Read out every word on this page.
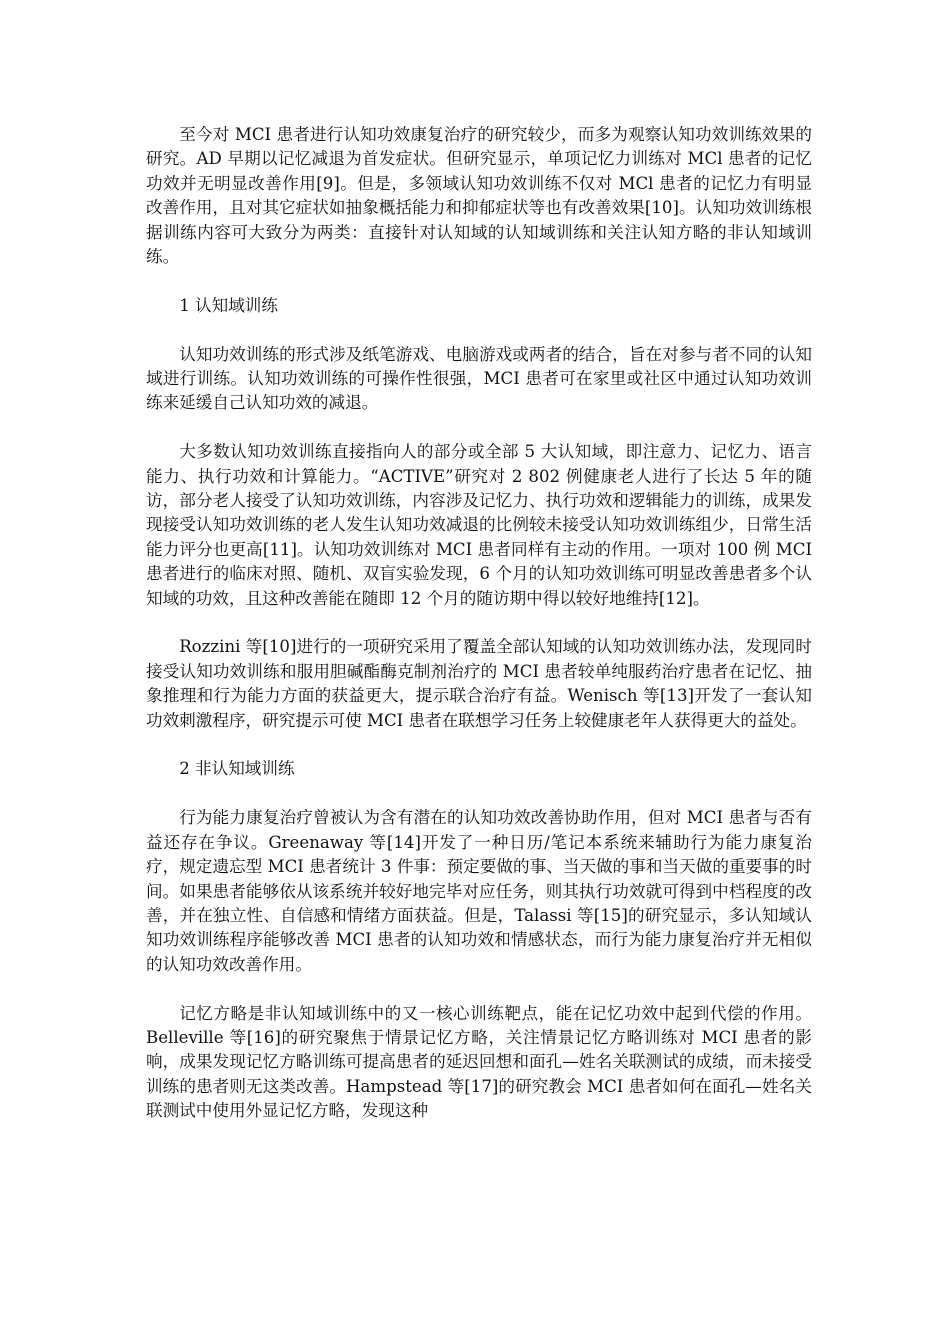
至今对 MCI 患者进行认知功效康复治疗的研究较少，而多为观察认知功效训练效果的研究。AD 早期以记忆减退为首发症状。但研究显示，单项记忆力训练对 MCl 患者的记忆功效并无明显改善作用[9]。但是，多领域认知功效训练不仅对 MCl 患者的记忆力有明显改善作用，且对其它症状如抽象概括能力和抑郁症状等也有改善效果[10]。认知功效训练根据训练内容可大致分为两类：直接针对认知域的认知域训练和关注认知方略的非认知域训练。

1 认知域训练

认知功效训练的形式涉及纸笔游戏、电脑游戏或两者的结合，旨在对参与者不同的认知域进行训练。认知功效训练的可操作性很强，MCI 患者可在家里或社区中通过认知功效训练来延缓自己认知功效的减退。

大多数认知功效训练直接指向人的部分或全部 5 大认知域，即注意力、记忆力、语言能力、执行功效和计算能力。“ACTIVE”研究对 2 802 例健康老人进行了长达 5 年的随访，部分老人接受了认知功效训练，内容涉及记忆力、执行功效和逻辑能力的训练，成果发现接受认知功效训练的老人发生认知功效减退的比例较未接受认知功效训练组少，日常生活能力评分也更高[11]。认知功效训练对 MCI 患者同样有主动的作用。一项对 100 例 MCI 患者进行的临床对照、随机、双盲实验发现，6 个月的认知功效训练可明显改善患者多个认知域的功效，且这种改善能在随即 12 个月的随访期中得以较好地维持[12]。

Rozzini 等[10]进行的一项研究采用了覆盖全部认知域的认知功效训练办法，发现同时接受认知功效训练和服用胆碱酯酶克制剂治疗的 MCI 患者较单纯服药治疗患者在记忆、抽象推理和行为能力方面的获益更大，提示联合治疗有益。Wenisch 等[13]开发了一套认知功效刺激程序，研究提示可使 MCI 患者在联想学习任务上较健康老年人获得更大的益处。

2 非认知域训练

行为能力康复治疗曾被认为含有潜在的认知功效改善协助作用，但对 MCI 患者与否有益还存在争议。Greenaway 等[14]开发了一种日历/笔记本系统来辅助行为能力康复治疗，规定遗忘型 MCI 患者统计 3 件事：预定要做的事、当天做的事和当天做的重要事的时间。如果患者能够依从该系统并较好地完毕对应任务，则其执行功效就可得到中档程度的改善，并在独立性、自信感和情绪方面获益。但是，Talassi 等[15]的研究显示，多认知域认知功效训练程序能够改善 MCI 患者的认知功效和情感状态，而行为能力康复治疗并无相似的认知功效改善作用。

记忆方略是非认知域训练中的又一核心训练靶点，能在记忆功效中起到代偿的作用。Belleville 等[16]的研究聚焦于情景记忆方略，关注情景记忆方略训练对 MCI 患者的影响，成果发现记忆方略训练可提高患者的延迟回想和面孔—姓名关联测试的成绩，而未接受训练的患者则无这类改善。Hampstead 等[17]的研究教会 MCI 患者如何在面孔—姓名关联测试中使用外显记忆方略，发现这种
